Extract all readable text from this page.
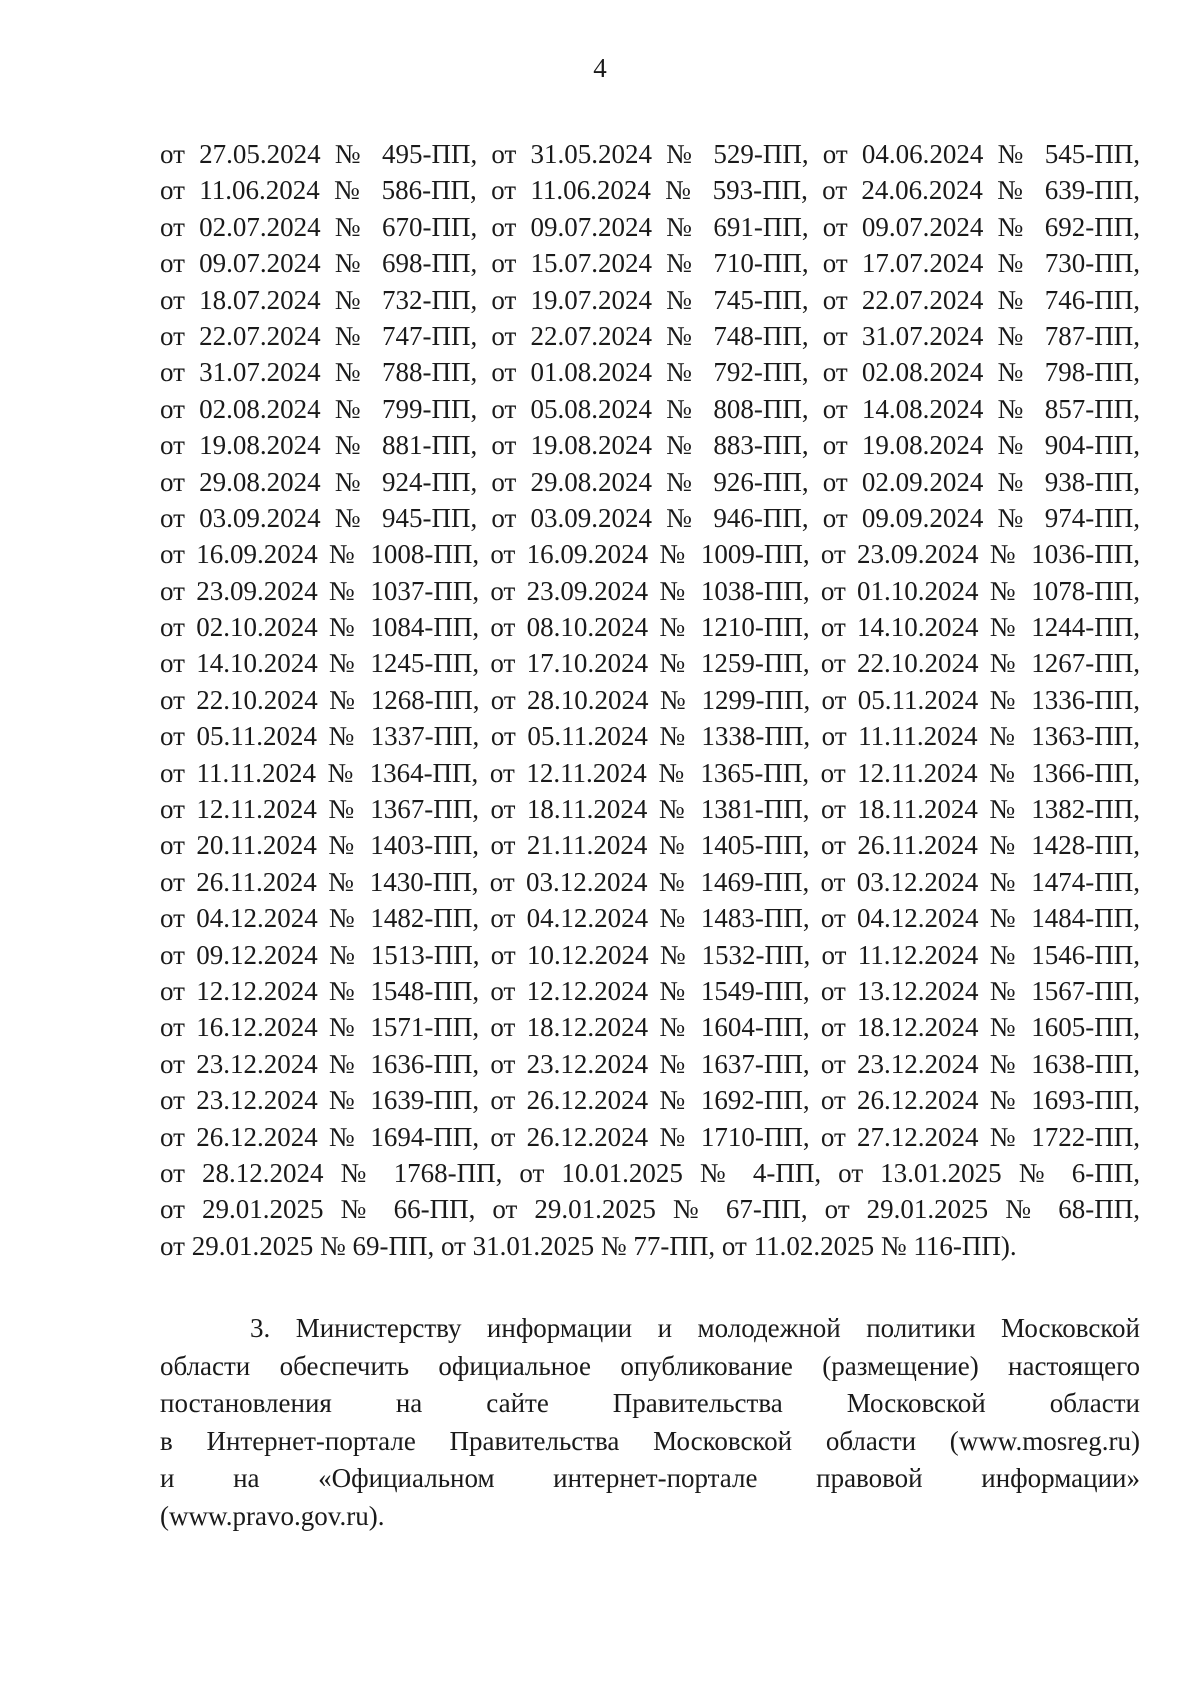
4
от 27.05.2024 № 495-ПП, от 31.05.2024 № 529-ПП, от 04.06.2024 № 545-ПП,
от 11.06.2024 № 586-ПП, от 11.06.2024 № 593-ПП, от 24.06.2024 № 639-ПП,
от 02.07.2024 № 670-ПП, от 09.07.2024 № 691-ПП, от 09.07.2024 № 692-ПП,
от 09.07.2024 № 698-ПП, от 15.07.2024 № 710-ПП, от 17.07.2024 № 730-ПП,
от 18.07.2024 № 732-ПП, от 19.07.2024 № 745-ПП, от 22.07.2024 № 746-ПП,
от 22.07.2024 № 747-ПП, от 22.07.2024 № 748-ПП, от 31.07.2024 № 787-ПП,
от 31.07.2024 № 788-ПП, от 01.08.2024 № 792-ПП, от 02.08.2024 № 798-ПП,
от 02.08.2024 № 799-ПП, от 05.08.2024 № 808-ПП, от 14.08.2024 № 857-ПП,
от 19.08.2024 № 881-ПП, от 19.08.2024 № 883-ПП, от 19.08.2024 № 904-ПП,
от 29.08.2024 № 924-ПП, от 29.08.2024 № 926-ПП, от 02.09.2024 № 938-ПП,
от 03.09.2024 № 945-ПП, от 03.09.2024 № 946-ПП, от 09.09.2024 № 974-ПП,
от 16.09.2024 № 1008-ПП, от 16.09.2024 № 1009-ПП, от 23.09.2024 № 1036-ПП,
от 23.09.2024 № 1037-ПП, от 23.09.2024 № 1038-ПП, от 01.10.2024 № 1078-ПП,
от 02.10.2024 № 1084-ПП, от 08.10.2024 № 1210-ПП, от 14.10.2024 № 1244-ПП,
от 14.10.2024 № 1245-ПП, от 17.10.2024 № 1259-ПП, от 22.10.2024 № 1267-ПП,
от 22.10.2024 № 1268-ПП, от 28.10.2024 № 1299-ПП, от 05.11.2024 № 1336-ПП,
от 05.11.2024 № 1337-ПП, от 05.11.2024 № 1338-ПП, от 11.11.2024 № 1363-ПП,
от 11.11.2024 № 1364-ПП, от 12.11.2024 № 1365-ПП, от 12.11.2024 № 1366-ПП,
от 12.11.2024 № 1367-ПП, от 18.11.2024 № 1381-ПП, от 18.11.2024 № 1382-ПП,
от 20.11.2024 № 1403-ПП, от 21.11.2024 № 1405-ПП, от 26.11.2024 № 1428-ПП,
от 26.11.2024 № 1430-ПП, от 03.12.2024 № 1469-ПП, от 03.12.2024 № 1474-ПП,
от 04.12.2024 № 1482-ПП, от 04.12.2024 № 1483-ПП, от 04.12.2024 № 1484-ПП,
от 09.12.2024 № 1513-ПП, от 10.12.2024 № 1532-ПП, от 11.12.2024 № 1546-ПП,
от 12.12.2024 № 1548-ПП, от 12.12.2024 № 1549-ПП, от 13.12.2024 № 1567-ПП,
от 16.12.2024 № 1571-ПП, от 18.12.2024 № 1604-ПП, от 18.12.2024 № 1605-ПП,
от 23.12.2024 № 1636-ПП, от 23.12.2024 № 1637-ПП, от 23.12.2024 № 1638-ПП,
от 23.12.2024 № 1639-ПП, от 26.12.2024 № 1692-ПП, от 26.12.2024 № 1693-ПП,
от 26.12.2024 № 1694-ПП, от 26.12.2024 № 1710-ПП, от 27.12.2024 № 1722-ПП,
от 28.12.2024 № 1768-ПП, от 10.01.2025 № 4-ПП, от 13.01.2025 № 6-ПП,
от 29.01.2025 № 66-ПП, от 29.01.2025 № 67-ПП, от 29.01.2025 № 68-ПП,
от 29.01.2025 № 69-ПП, от 31.01.2025 № 77-ПП, от 11.02.2025 № 116-ПП).
3. Министерству информации и молодежной политики Московской
области обеспечить официальное опубликование (размещение) настоящего
постановления на сайте Правительства Московской области
в Интернет-портале Правительства Московской области (www.mosreg.ru)
и на «Официальном интернет-портале правовой информации»
(www.pravo.gov.ru).
